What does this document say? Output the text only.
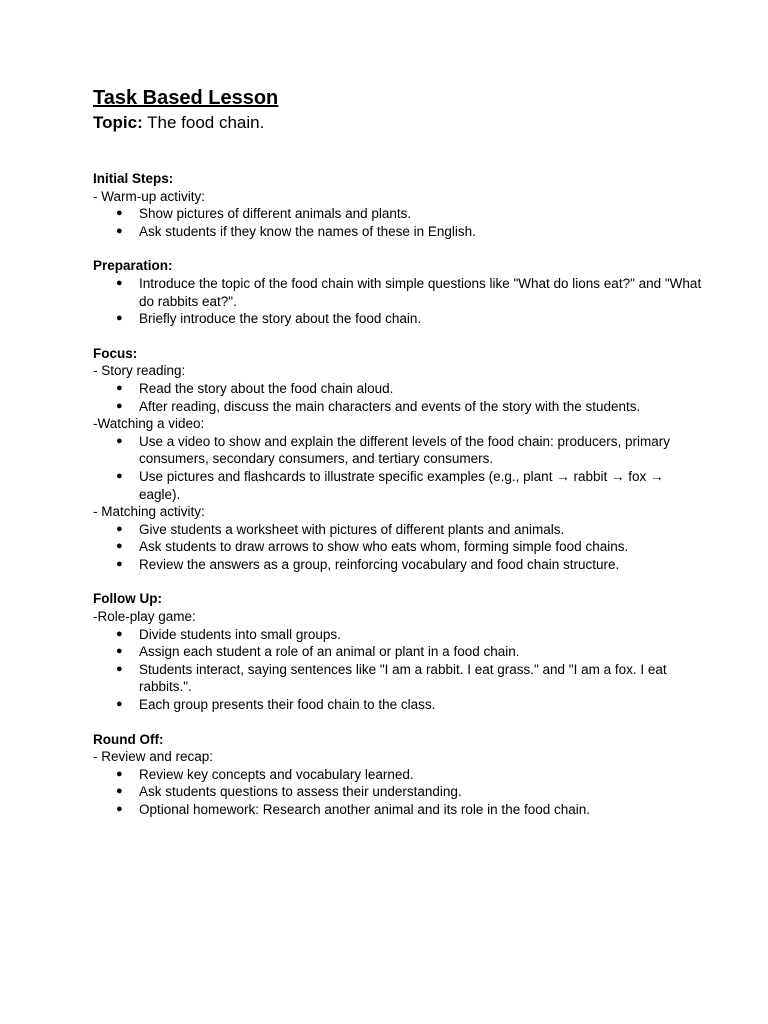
Task Based Lesson

Topic: The food chain.

Initial Steps:

- Warm-up activity:

● Show pictures of different animals and plants.
● Ask students if they know the names of these in English.

Preparation:

● Introduce the topic of the food chain with simple questions like "What do lions eat?" and "What do rabbits eat?".
● Briefly introduce the story about the food chain.

Focus:

- Story reading:

● Read the story about the food chain aloud.
● After reading, discuss the main characters and events of the story with the students.

-Watching a video:

● Use a video to show and explain the different levels of the food chain: producers, primary consumers, secondary consumers, and tertiary consumers.
● Use pictures and flashcards to illustrate specific examples (e.g., plant → rabbit → fox → eagle).

- Matching activity:

● Give students a worksheet with pictures of different plants and animals.
● Ask students to draw arrows to show who eats whom, forming simple food chains.
● Review the answers as a group, reinforcing vocabulary and food chain structure.

Follow Up:

-Role-play game:

● Divide students into small groups.
● Assign each student a role of an animal or plant in a food chain.
● Students interact, saying sentences like "I am a rabbit. I eat grass." and "I am a fox. I eat rabbits.".
● Each group presents their food chain to the class.

Round Off:

- Review and recap:

● Review key concepts and vocabulary learned.
● Ask students questions to assess their understanding.
● Optional homework: Research another animal and its role in the food chain.
